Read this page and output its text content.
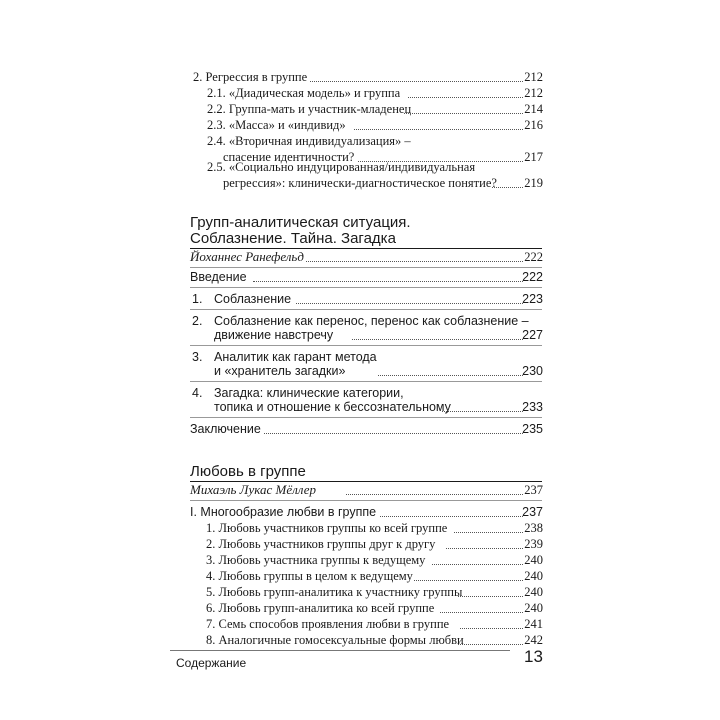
2. Регрессия в группе	212
2.1. «Диадическая модель» и группа	212
2.2. Группа-мать и участник-младенец	214
2.3. «Масса» и «индивид»	216
2.4. «Вторичная индивидуализация» –
спасение идентичности?	217
2.5. «Социально индуцированная/индивидуальная
регрессия»: клинически-диагностическое понятие?	219
Групп-аналитическая ситуация.
Соблазнение. Тайна. Загадка
Йоханнес Ранефельд	222
Введение	222
1. Соблазнение	223
2. Соблазнение как перенос, перенос как соблазнение –
движение навстречу	227
3. Аналитик как гарант метода
и «хранитель загадки»	230
4. Загадка: клинические категории,
топика и отношение к бессознательному	233
Заключение	235
Любовь в группе
Михаэль Лукас Мёллер	237
I. Многообразие любви в группе	237
1. Любовь участников группы ко всей группе	238
2. Любовь участников группы друг к другу	239
3. Любовь участника группы к ведущему	240
4. Любовь группы в целом к ведущему	240
5. Любовь групп-аналитика к участнику группы	240
6. Любовь групп-аналитика ко всей группе	240
7. Семь способов проявления любви в группе	241
8. Аналогичные гомосексуальные формы любви	242
Содержание	13
